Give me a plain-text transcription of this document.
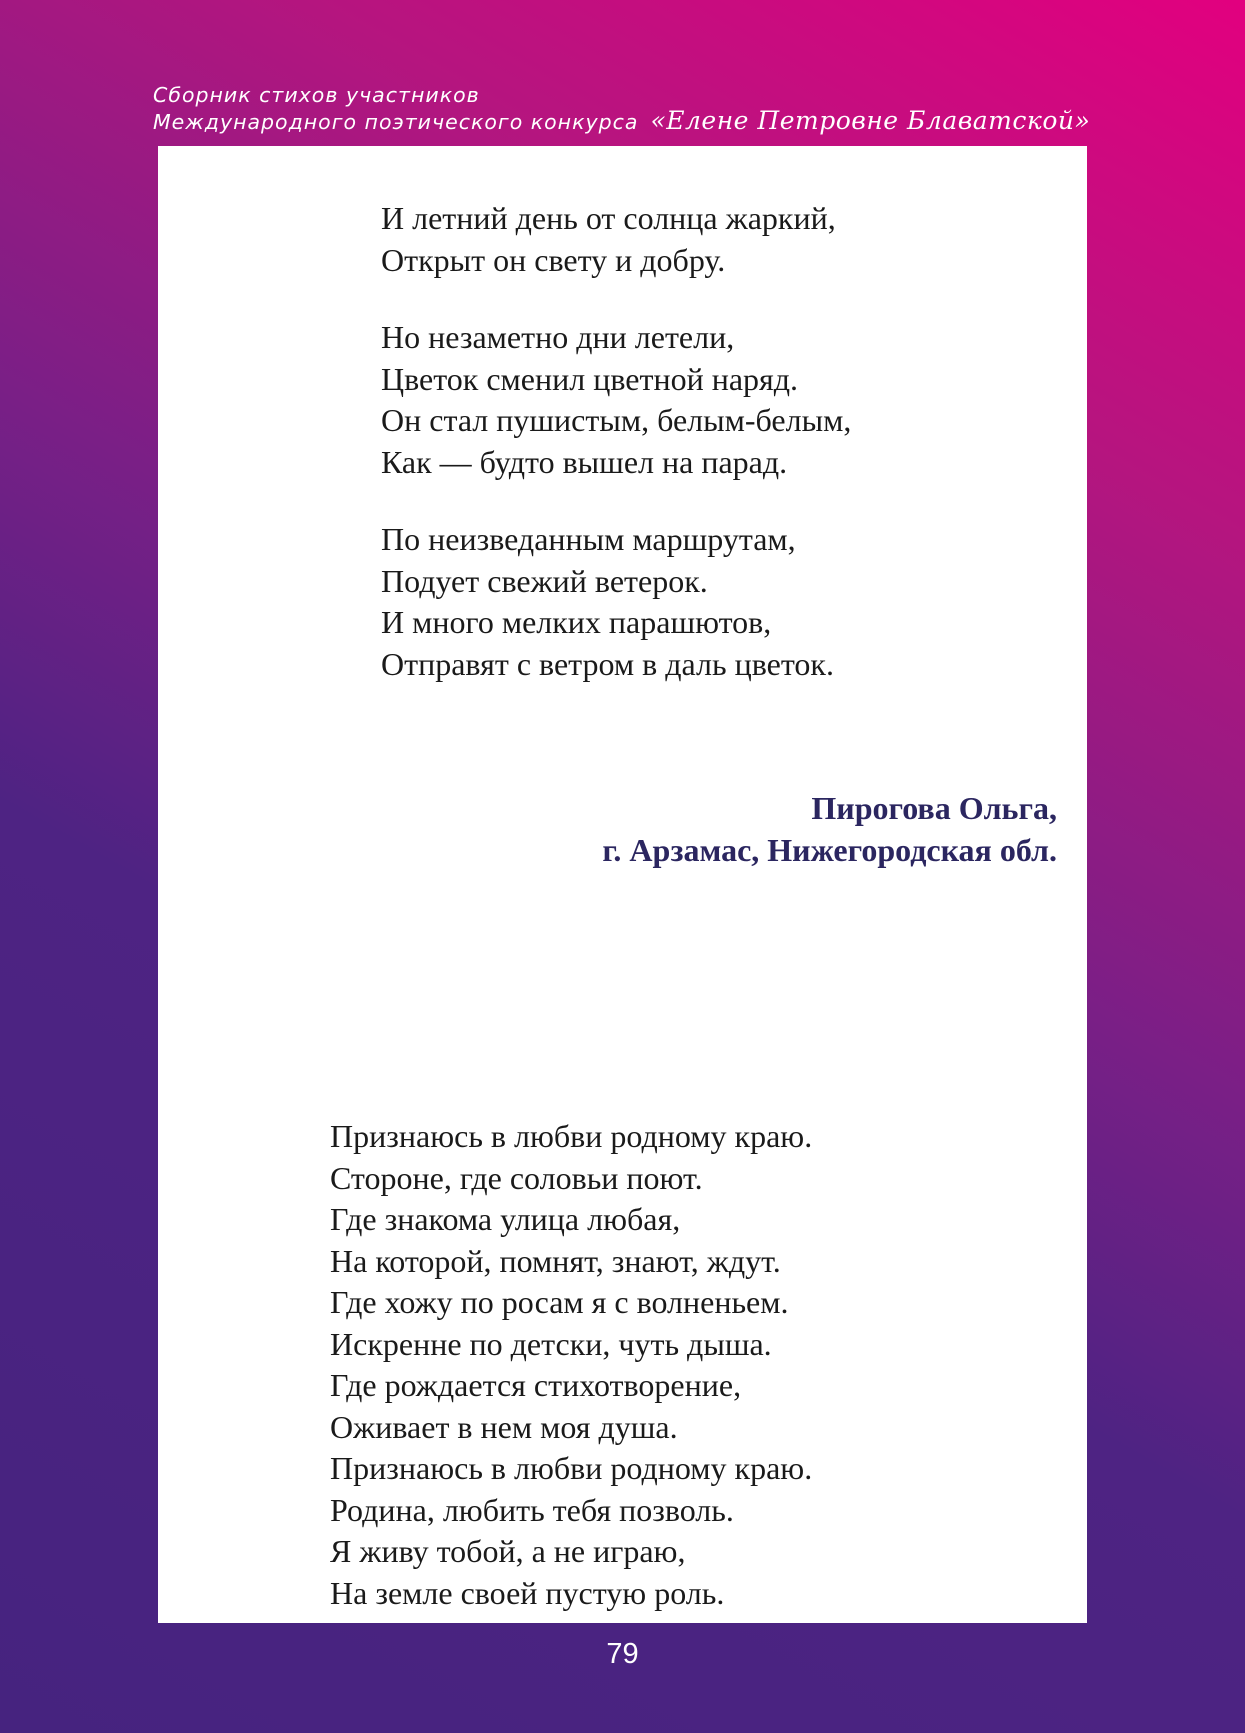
Сборник стихов участников
Международного поэтического конкурса «Елене Петровне Блаватской»
И летний день от солнца жаркий,
Открыт он свету и добру.
Но незаметно дни летели,
Цветок сменил цветной наряд.
Он стал пушистым, белым-белым,
Как — будто вышел на парад.
По неизведанным маршрутам,
Подует свежий ветерок.
И много мелких парашютов,
Отправят с ветром в даль цветок.
Пирогова Ольга,
г. Арзамас, Нижегородская обл.
Признаюсь в любви родному краю.
Стороне, где соловьи поют.
Где знакома улица любая,
На которой, помнят, знают, ждут.
Где хожу по росам я с волненьем.
Искренне по детски, чуть дыша.
Где рождается стихотворение,
Оживает в нем моя душа.
Признаюсь в любви родному краю.
Родина, любить тебя позволь.
Я живу тобой, а не играю,
На земле своей пустую роль.
79
